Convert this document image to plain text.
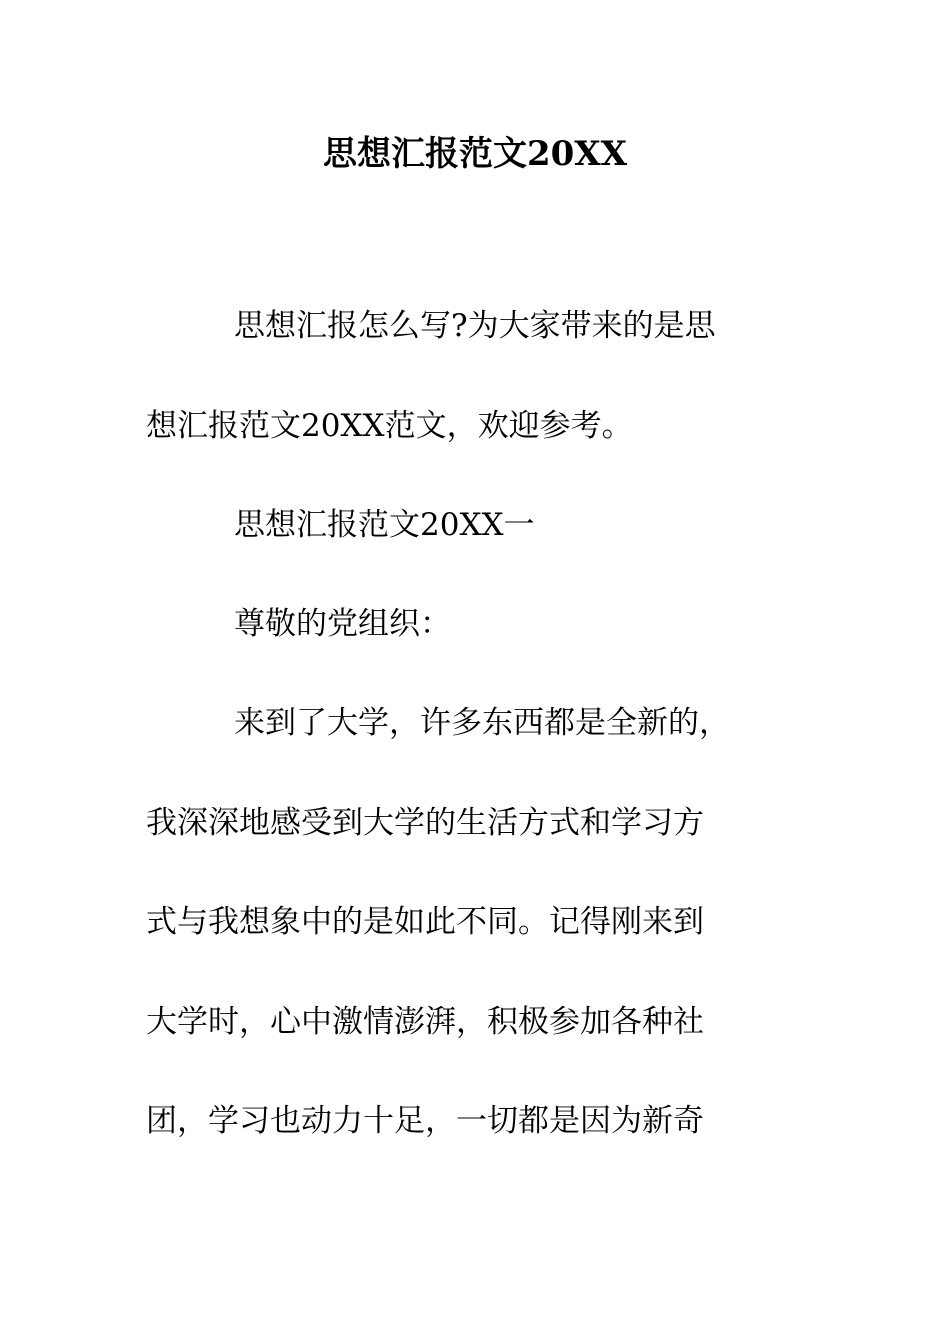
思想汇报范文20XX
思想汇报怎么写?为大家带来的是思
想汇报范文20XX范文，欢迎参考。
思想汇报范文20XX一
尊敬的党组织：
来到了大学，许多东西都是全新的，
我深深地感受到大学的生活方式和学习方
式与我想象中的是如此不同。记得刚来到
大学时，心中激情澎湃，积极参加各种社
团，学习也动力十足，一切都是因为新奇
